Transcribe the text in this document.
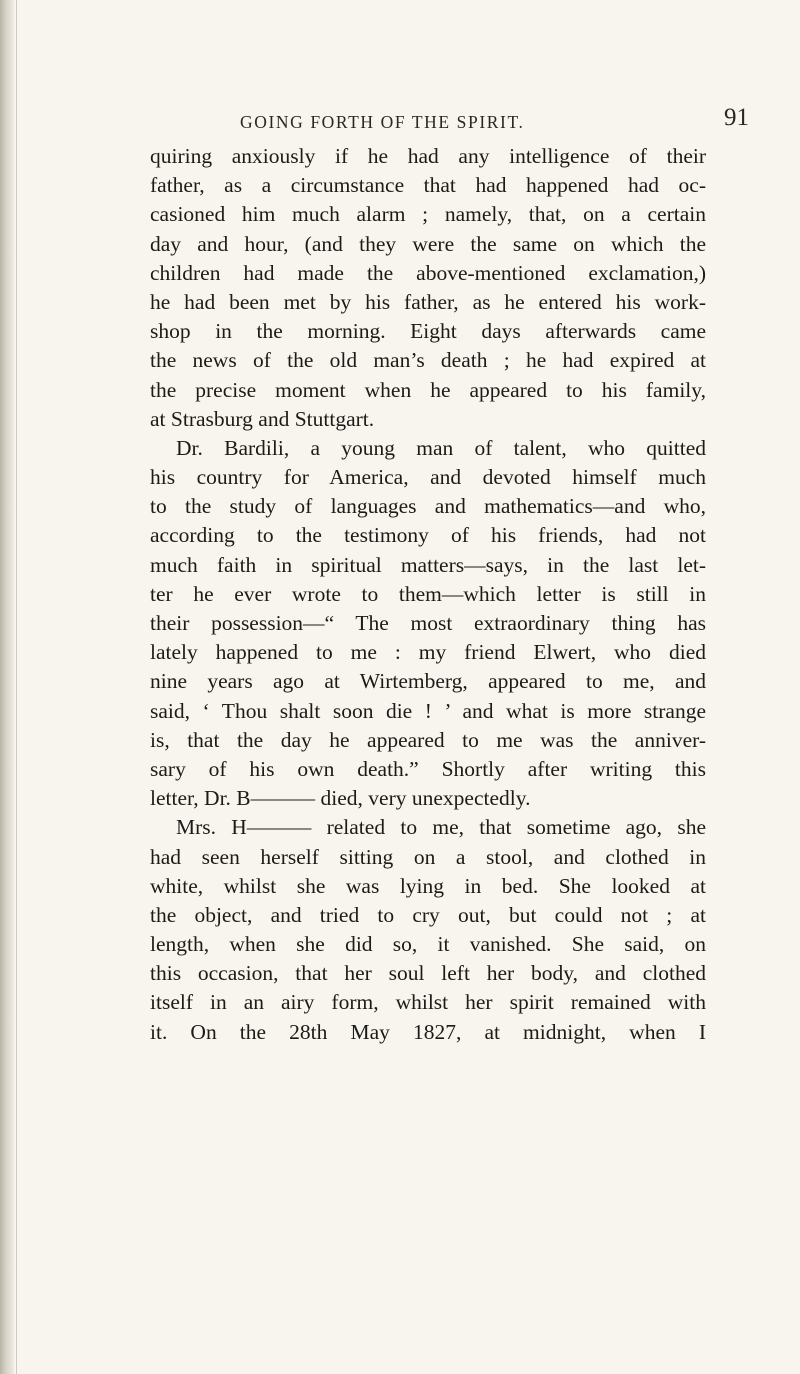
GOING FORTH OF THE SPIRIT.	91
quiring anxiously if he had any intelligence of their
father, as a circumstance that had happened had oc-
casioned him much alarm ; namely, that, on a certain
day and hour, (and they were the same on which the
children had made the above-mentioned exclamation,)
he had been met by his father, as he entered his work-
shop in the morning. Eight days afterwards came
the news of the old man’s death ; he had expired at
the precise moment when he appeared to his family,
at Strasburg and Stuttgart.
Dr. Bardili, a young man of talent, who quitted
his country for America, and devoted himself much
to the study of languages and mathematics—and who,
according to the testimony of his friends, had not
much faith in spiritual matters—says, in the last let-
ter he ever wrote to them—which letter is still in
their possession—“ The most extraordinary thing has
lately happened to me : my friend Elwert, who died
nine years ago at Wirtemberg, appeared to me, and
said, ‘ Thou shalt soon die ! ’ and what is more strange
is, that the day he appeared to me was the anniver-
sary of his own death.” Shortly after writing this
letter, Dr. B——— died, very unexpectedly.
Mrs. H——— related to me, that sometime ago, she
had seen herself sitting on a stool, and clothed in
white, whilst she was lying in bed. She looked at
the object, and tried to cry out, but could not ; at
length, when she did so, it vanished. She said, on
this occasion, that her soul left her body, and clothed
itself in an airy form, whilst her spirit remained with
it. On the 28th May 1827, at midnight, when I
